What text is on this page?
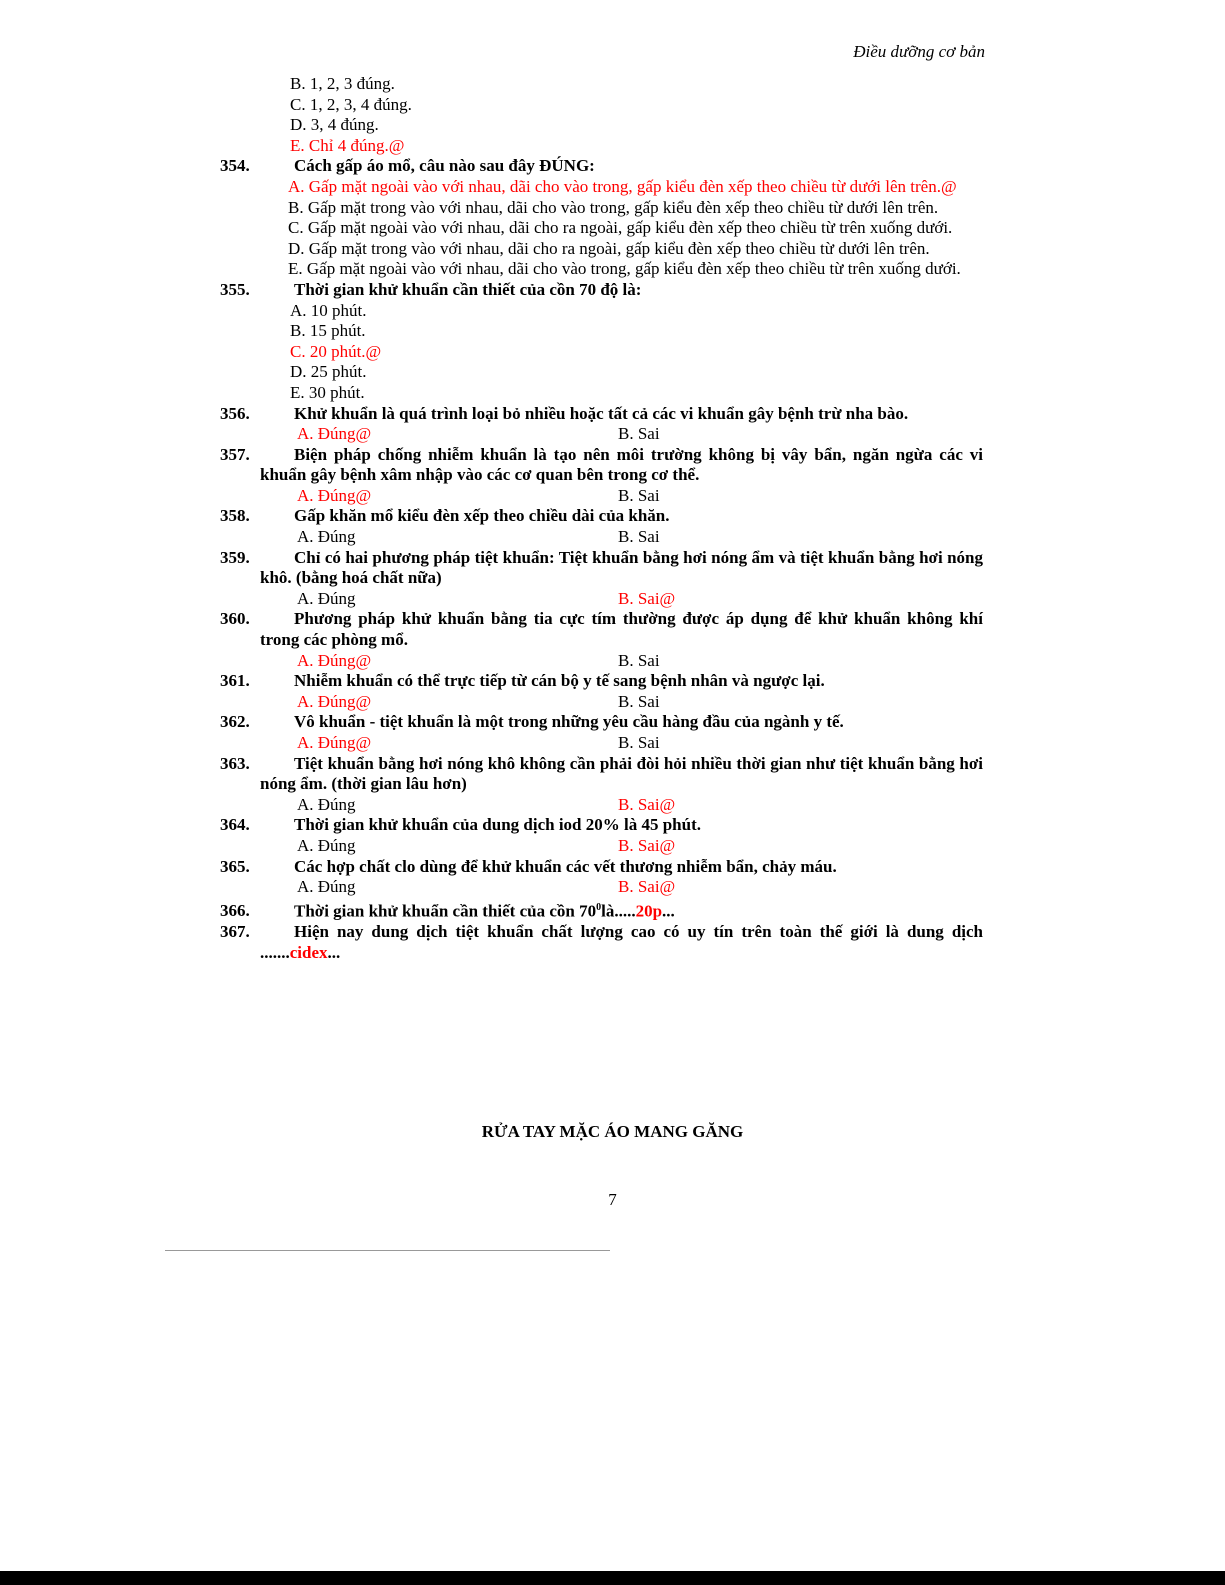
Điều dưỡng cơ bản
B. 1, 2, 3 đúng.
C. 1, 2, 3, 4 đúng.
D. 3, 4 đúng.
E. Chỉ 4 đúng.@
354.	Cách gấp áo mổ, câu nào sau đây ĐÚNG:
A. Gấp mặt ngoài vào với nhau, dãi cho vào trong, gấp kiểu đèn xếp theo chiều từ dưới lên trên.@
B. Gấp mặt trong vào với nhau, dãi cho vào trong, gấp kiểu đèn xếp theo chiều từ dưới lên trên.
C. Gấp mặt ngoài vào với nhau, dãi cho ra ngoài, gấp kiểu đèn xếp theo chiều từ trên xuống dưới.
D. Gấp mặt trong vào với nhau, dãi cho ra ngoài, gấp kiểu đèn xếp theo chiều từ dưới lên trên.
E. Gấp mặt ngoài vào với nhau, dãi cho vào trong, gấp kiểu đèn xếp theo chiều từ trên xuống dưới.
355.	Thời gian khử khuẩn cần thiết của cồn 70 độ là:
A. 10 phút.
B. 15 phút.
C. 20 phút.@
D. 25 phút.
E. 30 phút.
356.	Khử khuẩn là quá trình loại bỏ nhiều hoặc tất cả các vi khuẩn gây bệnh trừ nha bào.
A. Đúng@	B. Sai
357.	Biện pháp chống nhiễm khuẩn là tạo nên môi trường không bị vây bẩn, ngăn ngừa các vi khuẩn gây bệnh xâm nhập vào các cơ quan bên trong cơ thể.
A. Đúng@	B. Sai
358.	Gấp khăn mổ kiểu đèn xếp theo chiều dài của khăn.
A. Đúng	B. Sai
359.	Chỉ có hai phương pháp tiệt khuẩn: Tiệt khuẩn bằng hơi nóng ẩm và tiệt khuẩn bằng hơi nóng khô. (bằng hoá chất nữa)
A. Đúng	B. Sai@
360.	Phương pháp khử khuẩn bằng tia cực tím thường được áp dụng để khử khuẩn không khí trong các phòng mổ.
A. Đúng@	B. Sai
361.	Nhiễm khuẩn có thể trực tiếp từ cán bộ y tế sang bệnh nhân và ngược lại.
A. Đúng@	B. Sai
362.	Vô khuẩn - tiệt khuẩn là một trong những yêu cầu hàng đầu của ngành y tế.
A. Đúng@	B. Sai
363.	Tiệt khuẩn bằng hơi nóng khô không cần phải đòi hỏi nhiều thời gian như tiệt khuẩn bằng hơi nóng ẩm. (thời gian lâu hơn)
A. Đúng	B. Sai@
364.	Thời gian khử khuẩn của dung dịch iod 20% là 45 phút.
A. Đúng	B. Sai@
365.	Các hợp chất clo dùng để khử khuẩn các vết thương nhiễm bẩn, chảy máu.
A. Đúng	B. Sai@
366.	Thời gian khử khuẩn cần thiết của cồn $70^0là.....20p$...
367.	Hiện nay dung dịch tiệt khuẩn chất lượng cao có uy tín trên toàn thế giới là dung dịch .......cidex...
RỬA TAY MẶC ÁO MANG GĂNG
7
